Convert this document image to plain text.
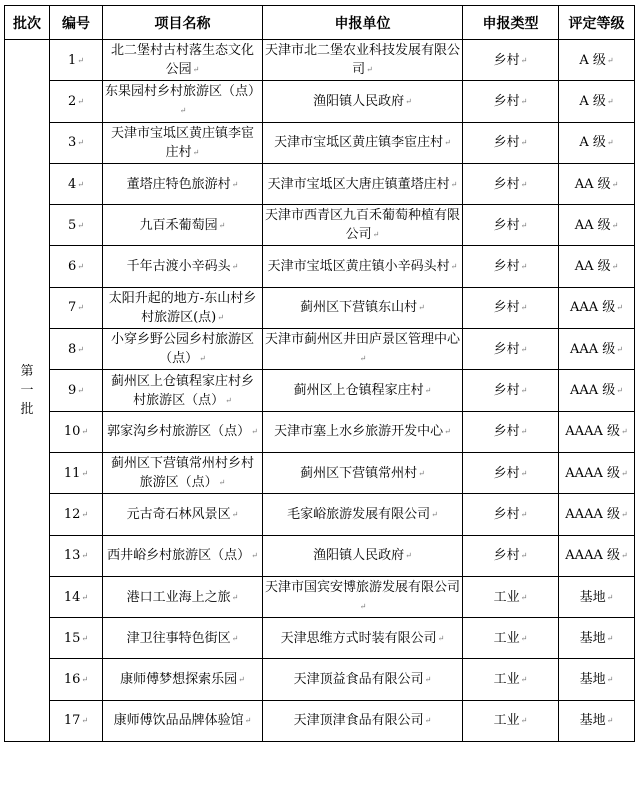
批次	编号	项目名称	申报单位	申报类型	评定等级

第
一
批	1↵	北二堡村古村落生态文化公园↵	天津市北二堡农业科技发展有限公司↵	乡村↵	A 级↵
	2↵	东果园村乡村旅游区（点）↵	渔阳镇人民政府↵	乡村↵	A 级↵
	3↵	天津市宝坻区黄庄镇李宦庄村↵	天津市宝坻区黄庄镇李宦庄村↵	乡村↵	A 级↵
	4↵	董塔庄特色旅游村↵	天津市宝坻区大唐庄镇董塔庄村↵	乡村↵	AA 级↵
	5↵	九百禾葡萄园↵	天津市西青区九百禾葡萄种植有限公司↵	乡村↵	AA 级↵
	6↵	千年古渡小辛码头↵	天津市宝坻区黄庄镇小辛码头村↵	乡村↵	AA 级↵
	7↵	太阳升起的地方-东山村乡村旅游区(点)↵	蓟州区下营镇东山村↵	乡村↵	AAA 级↵
	8↵	小穿乡野公园乡村旅游区（点）↵	天津市蓟州区井田庐景区管理中心↵	乡村↵	AAA 级↵
	9↵	蓟州区上仓镇程家庄村乡村旅游区（点）↵	蓟州区上仓镇程家庄村↵	乡村↵	AAA 级↵
	10↵	郭家沟乡村旅游区（点）↵	天津市塞上水乡旅游开发中心↵	乡村↵	AAAA 级↵
	11↵	蓟州区下营镇常州村乡村旅游区（点）↵	蓟州区下营镇常州村↵	乡村↵	AAAA 级↵
	12↵	元古奇石林风景区↵	毛家峪旅游发展有限公司↵	乡村↵	AAAA 级↵
	13↵	西井峪乡村旅游区（点）↵	渔阳镇人民政府↵	乡村↵	AAAA 级↵
	14↵	港口工业海上之旅↵	天津市国宾安博旅游发展有限公司↵	工业↵	基地↵
	15↵	津卫往事特色街区↵	天津思维方式时装有限公司↵	工业↵	基地↵
	16↵	康师傅梦想探索乐园↵	天津顶益食品有限公司↵	工业↵	基地↵
	17↵	康师傅饮品品牌体验馆↵	天津顶津食品有限公司↵	工业↵	基地↵
